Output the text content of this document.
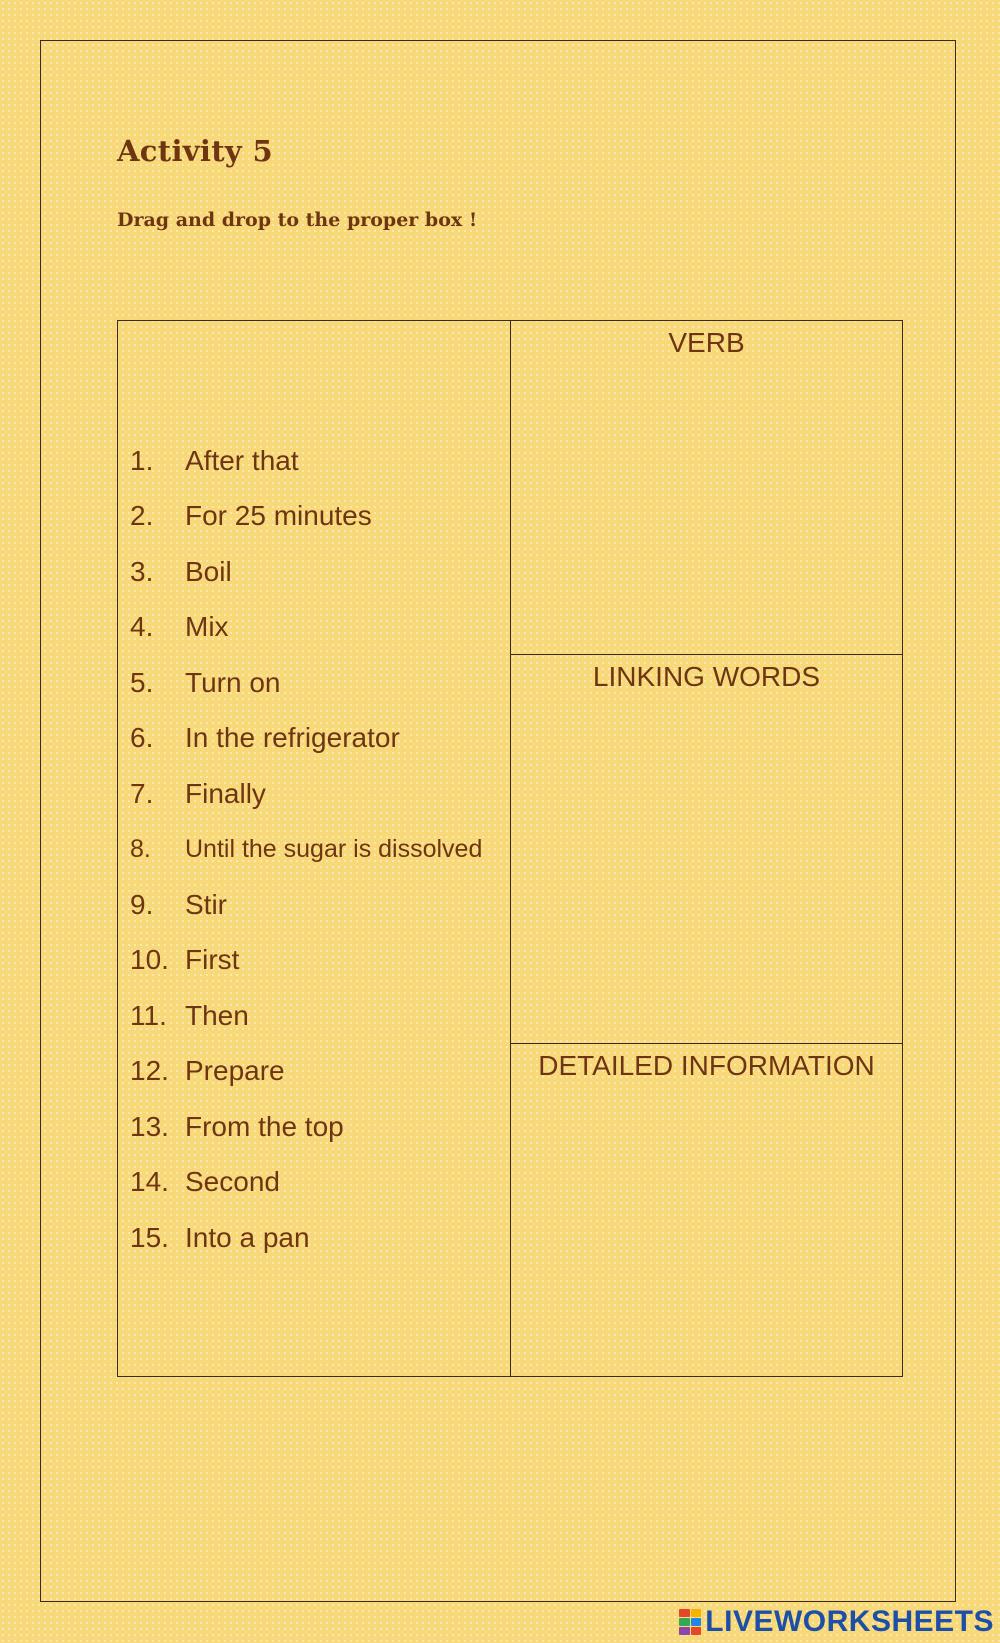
Activity 5

Drag and drop to the proper box !

1.	After that
2.	For 25 minutes
3.	Boil
4.	Mix
5.	Turn on
6.	In the refrigerator
7.	Finally
8.	Until the sugar is dissolved
9.	Stir
10. First
11. Then
12. Prepare
13. From the top
14. Second
15. Into a pan
VERB
LINKING WORDS
DETAILED INFORMATION
LIVEWORKSHEETS
